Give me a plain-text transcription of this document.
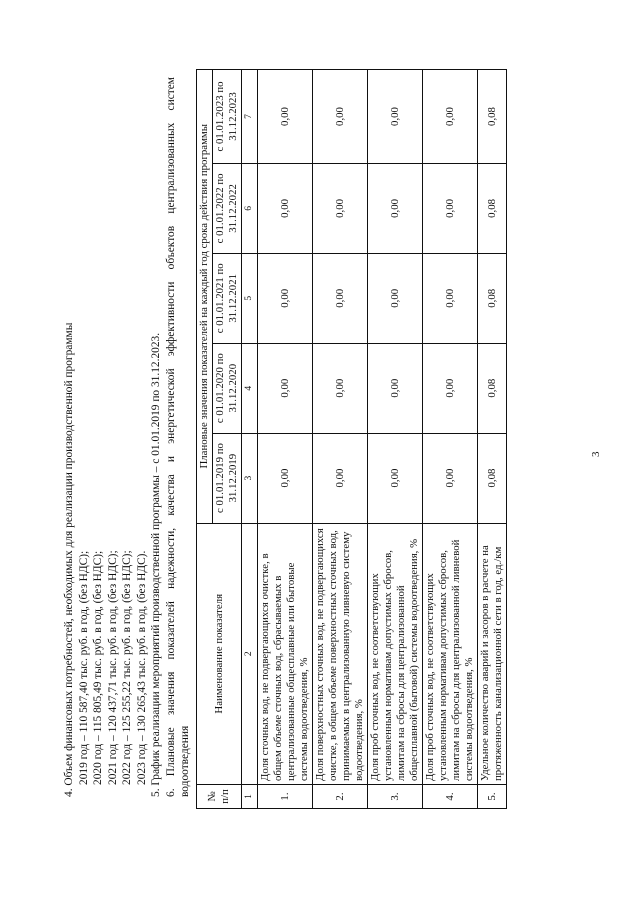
3
4. Объем финансовых потребностей, необходимых для реализации производственной программы 2019 год – 110 587,40 тыс. руб. в год, (без НДС); 2020 год – 115 805,49 тыс. руб. в год, (без НДС); 2021 год – 120 437,71 тыс. руб. в год, (без НДС); 2022 год – 125 255,22 тыс. руб. в год, (без НДС); 2023 год – 130 265,43 тыс. руб. в год, (без НДС). 5. График реализации мероприятий производственной программы – с 01.01.2019 по 31.12.2023. 6. Плановые значения показателей надежности, качества и энергетической эффективности объектов централизованных систем водоотведения № п/п	Наименование показателя	Плановые значения показателей на каждый год срока действия программы				
		с 01.01.2019 по 31.12.2019	с 01.01.2020 по 31.12.2020	с 01.01.2021 по 31.12.2021	с 01.01.2022 по 31.12.2022	с 01.01.2023 по 31.12.2023
1	2	3	4	5	6	7
1.	Доля сточных вод, не подвергающихся очистке, в общем объеме сточных вод, сбрасываемых в централизованные общесплавные или бытовые системы водоотведения, %	0,00	0,00	0,00	0,00	0,00
2.	Доля поверхностных сточных вод, не подвергающихся очистке, в общем объеме поверхностных сточных вод, принимаемых в централизованную ливневую систему водоотведения, %	0,00	0,00	0,00	0,00	0,00
3.	Доля проб сточных вод, не соответствующих установленным нормативам допустимых сбросов, лимитам на сбросы для централизованной общесплавной (бытовой) системы водоотведения, %	0,00	0,00	0,00	0,00	0,00
4.	Доля проб сточных вод, не соответствующих установленным нормативам допустимых сбросов, лимитам на сбросы для централизованной ливневой системы водоотведения, %	0,00	0,00	0,00	0,00	0,00
5.	Удельное количество аварий и засоров в расчете на протяженность канализационной сети в год, ед./км	0,08	0,08	0,08	0,08	0,08
